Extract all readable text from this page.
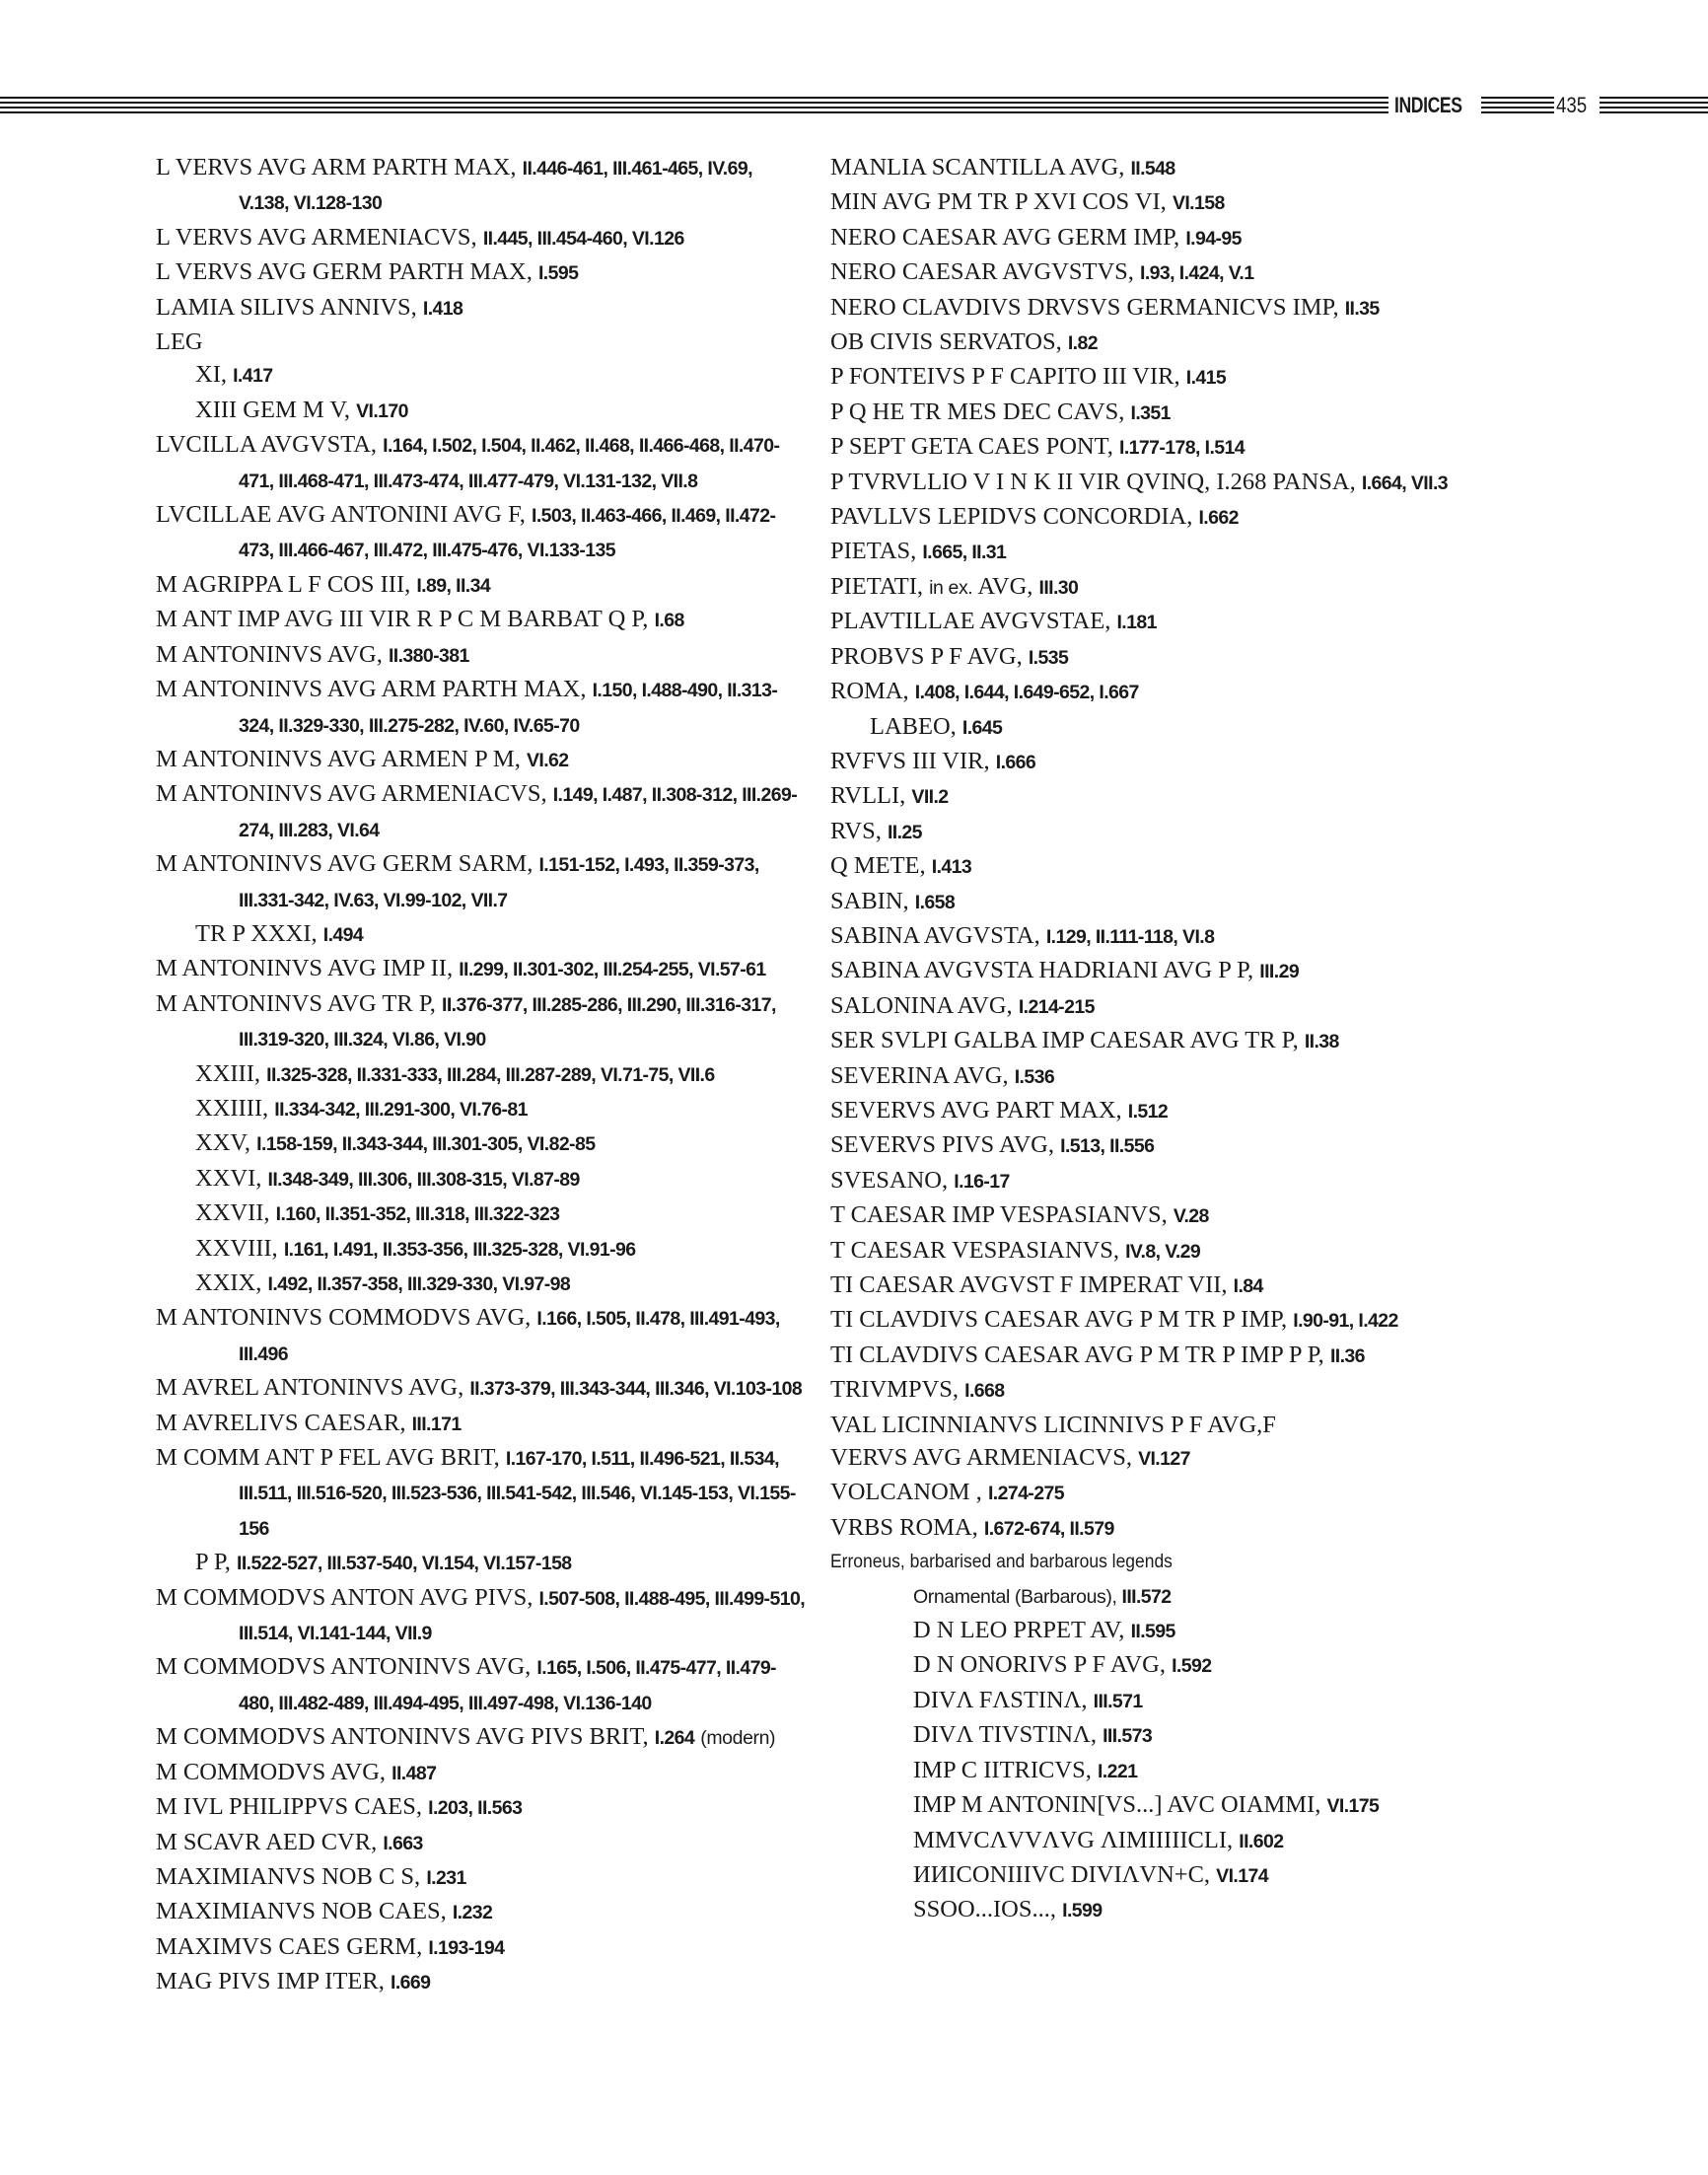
INDICES	435
L VERVS AVG ARM PARTH MAX, II.446-461, III.461-465, IV.69, V.138, VI.128-130
L VERVS AVG ARMENIACVS, II.445, III.454-460, VI.126
L VERVS AVG GERM PARTH MAX, I.595
LAMIA SILIVS ANNIVS, I.418
LEG
XI, I.417
XIII GEM M V, VI.170
LVCILLA AVGVSTA, I.164, I.502, I.504, II.462, II.468, II.466-468, II.470-471, III.468-471, III.473-474, III.477-479, VI.131-132, VII.8
LVCILLAE AVG ANTONINI AVG F, I.503, II.463-466, II.469, II.472-473, III.466-467, III.472, III.475-476, VI.133-135
M AGRIPPA L F COS III, I.89, II.34
M ANT IMP AVG III VIR R P C M BARBAT Q P, I.68
M ANTONINVS AVG, II.380-381
M ANTONINVS AVG ARM PARTH MAX, I.150, I.488-490, II.313-324, II.329-330, III.275-282, IV.60, IV.65-70
M ANTONINVS AVG ARMEN P M, VI.62
M ANTONINVS AVG ARMENIACVS, I.149, I.487, II.308-312, III.269-274, III.283, VI.64
M ANTONINVS AVG GERM SARM, I.151-152, I.493, II.359-373, III.331-342, IV.63, VI.99-102, VII.7
TR P XXXI, I.494
M ANTONINVS AVG IMP II, II.299, II.301-302, III.254-255, VI.57-61
M ANTONINVS AVG TR P, II.376-377, III.285-286, III.290, III.316-317, III.319-320, III.324, VI.86, VI.90
XXIII, II.325-328, II.331-333, III.284, III.287-289, VI.71-75, VII.6
XXIIII, II.334-342, III.291-300, VI.76-81
XXV, I.158-159, II.343-344, III.301-305, VI.82-85
XXVI, II.348-349, III.306, III.308-315, VI.87-89
XXVII, I.160, II.351-352, III.318, III.322-323
XXVIII, I.161, I.491, II.353-356, III.325-328, VI.91-96
XXIX, I.492, II.357-358, III.329-330, VI.97-98
M ANTONINVS COMMODVS AVG, I.166, I.505, II.478, III.491-493, III.496
M AVREL ANTONINVS AVG, II.373-379, III.343-344, III.346, VI.103-108
M AVRELIVS CAESAR, III.171
M COMM ANT P FEL AVG BRIT, I.167-170, I.511, II.496-521, II.534, III.511, III.516-520, III.523-536, III.541-542, III.546, VI.145-153, VI.155-156
P P, II.522-527, III.537-540, VI.154, VI.157-158
M COMMODVS ANTON AVG PIVS, I.507-508, II.488-495, III.499-510, III.514, VI.141-144, VII.9
M COMMODVS ANTONINVS AVG, I.165, I.506, II.475-477, II.479-480, III.482-489, III.494-495, III.497-498, VI.136-140
M COMMODVS ANTONINVS AVG PIVS BRIT, I.264 (modern)
M COMMODVS AVG, II.487
M IVL PHILIPPVS CAES, I.203, II.563
M SCAVR AED CVR, I.663
MAXIMIANVS NOB C S, I.231
MAXIMIANVS NOB CAES, I.232
MAXIMVS CAES GERM, I.193-194
MAG PIVS IMP ITER, I.669
MANLIA SCANTILLA AVG, II.548
MIN AVG PM TR P XVI COS VI, VI.158
NERO CAESAR AVG GERM IMP, I.94-95
NERO CAESAR AVGVSTVS, I.93, I.424, V.1
NERO CLAVDIVS DRVSVS GERMANICVS IMP, II.35
OB CIVIS SERVATOS, I.82
P FONTEIVS P F CAPITO III VIR, I.415
P Q HE TR MES DEC CAVS, I.351
P SEPT GETA CAES PONT, I.177-178, I.514
P TVRVLLIO V I N K II VIR QVINQ, I.268 PANSA, I.664, VII.3
PAVLLVS LEPIDVS CONCORDIA, I.662
PIETAS, I.665, II.31
PIETATI, in ex. AVG, III.30
PLAVTILLAE AVGVSTAE, I.181
PROBVS P F AVG, I.535
ROMA, I.408, I.644, I.649-652, I.667
LABEO, I.645
RVFVS III VIR, I.666
RVLLI, VII.2
RVS, II.25
Q METE, I.413
SABIN, I.658
SABINA AVGVSTA, I.129, II.111-118, VI.8
SABINA AVGVSTA HADRIANI AVG P P, III.29
SALONINA AVG, I.214-215
SER SVLPI GALBA IMP CAESAR AVG TR P, II.38
SEVERINA AVG, I.536
SEVERVS AVG PART MAX, I.512
SEVERVS PIVS AVG, I.513, II.556
SVESANO, I.16-17
T CAESAR IMP VESPASIANVS, V.28
T CAESAR VESPASIANVS, IV.8, V.29
TI CAESAR AVGVST F IMPERAT VII, I.84
TI CLAVDIVS CAESAR AVG P M TR P IMP, I.90-91, I.422
TI CLAVDIVS CAESAR AVG P M TR P IMP P P, II.36
TRIVMPVS, I.668
VAL LICINNIANVS LICINNIVS P F AVG,F
VERVS AVG ARMENIACVS, VI.127
VOLCANOM , I.274-275
VRBS ROMA, I.672-674, II.579
Erroneus, barbarised and barbarous legends
Ornamental (Barbarous), III.572
D N LEO PRPET AV, II.595
D N ONORIVS P F AVG, I.592
DIVΛ FΛSTINΛ, III.571
DIVΛ TIVSTINΛ, III.573
IMP C IITRICVS, I.221
IMP M ANTONIN[VS...] AVC OIAMMI, VI.175
MMVCΛVVΛVG ΛIMIIIIICLI, II.602
ИИICONIIIVC DIVIΛVN+C, VI.174
SSOO...IOS..., I.599
